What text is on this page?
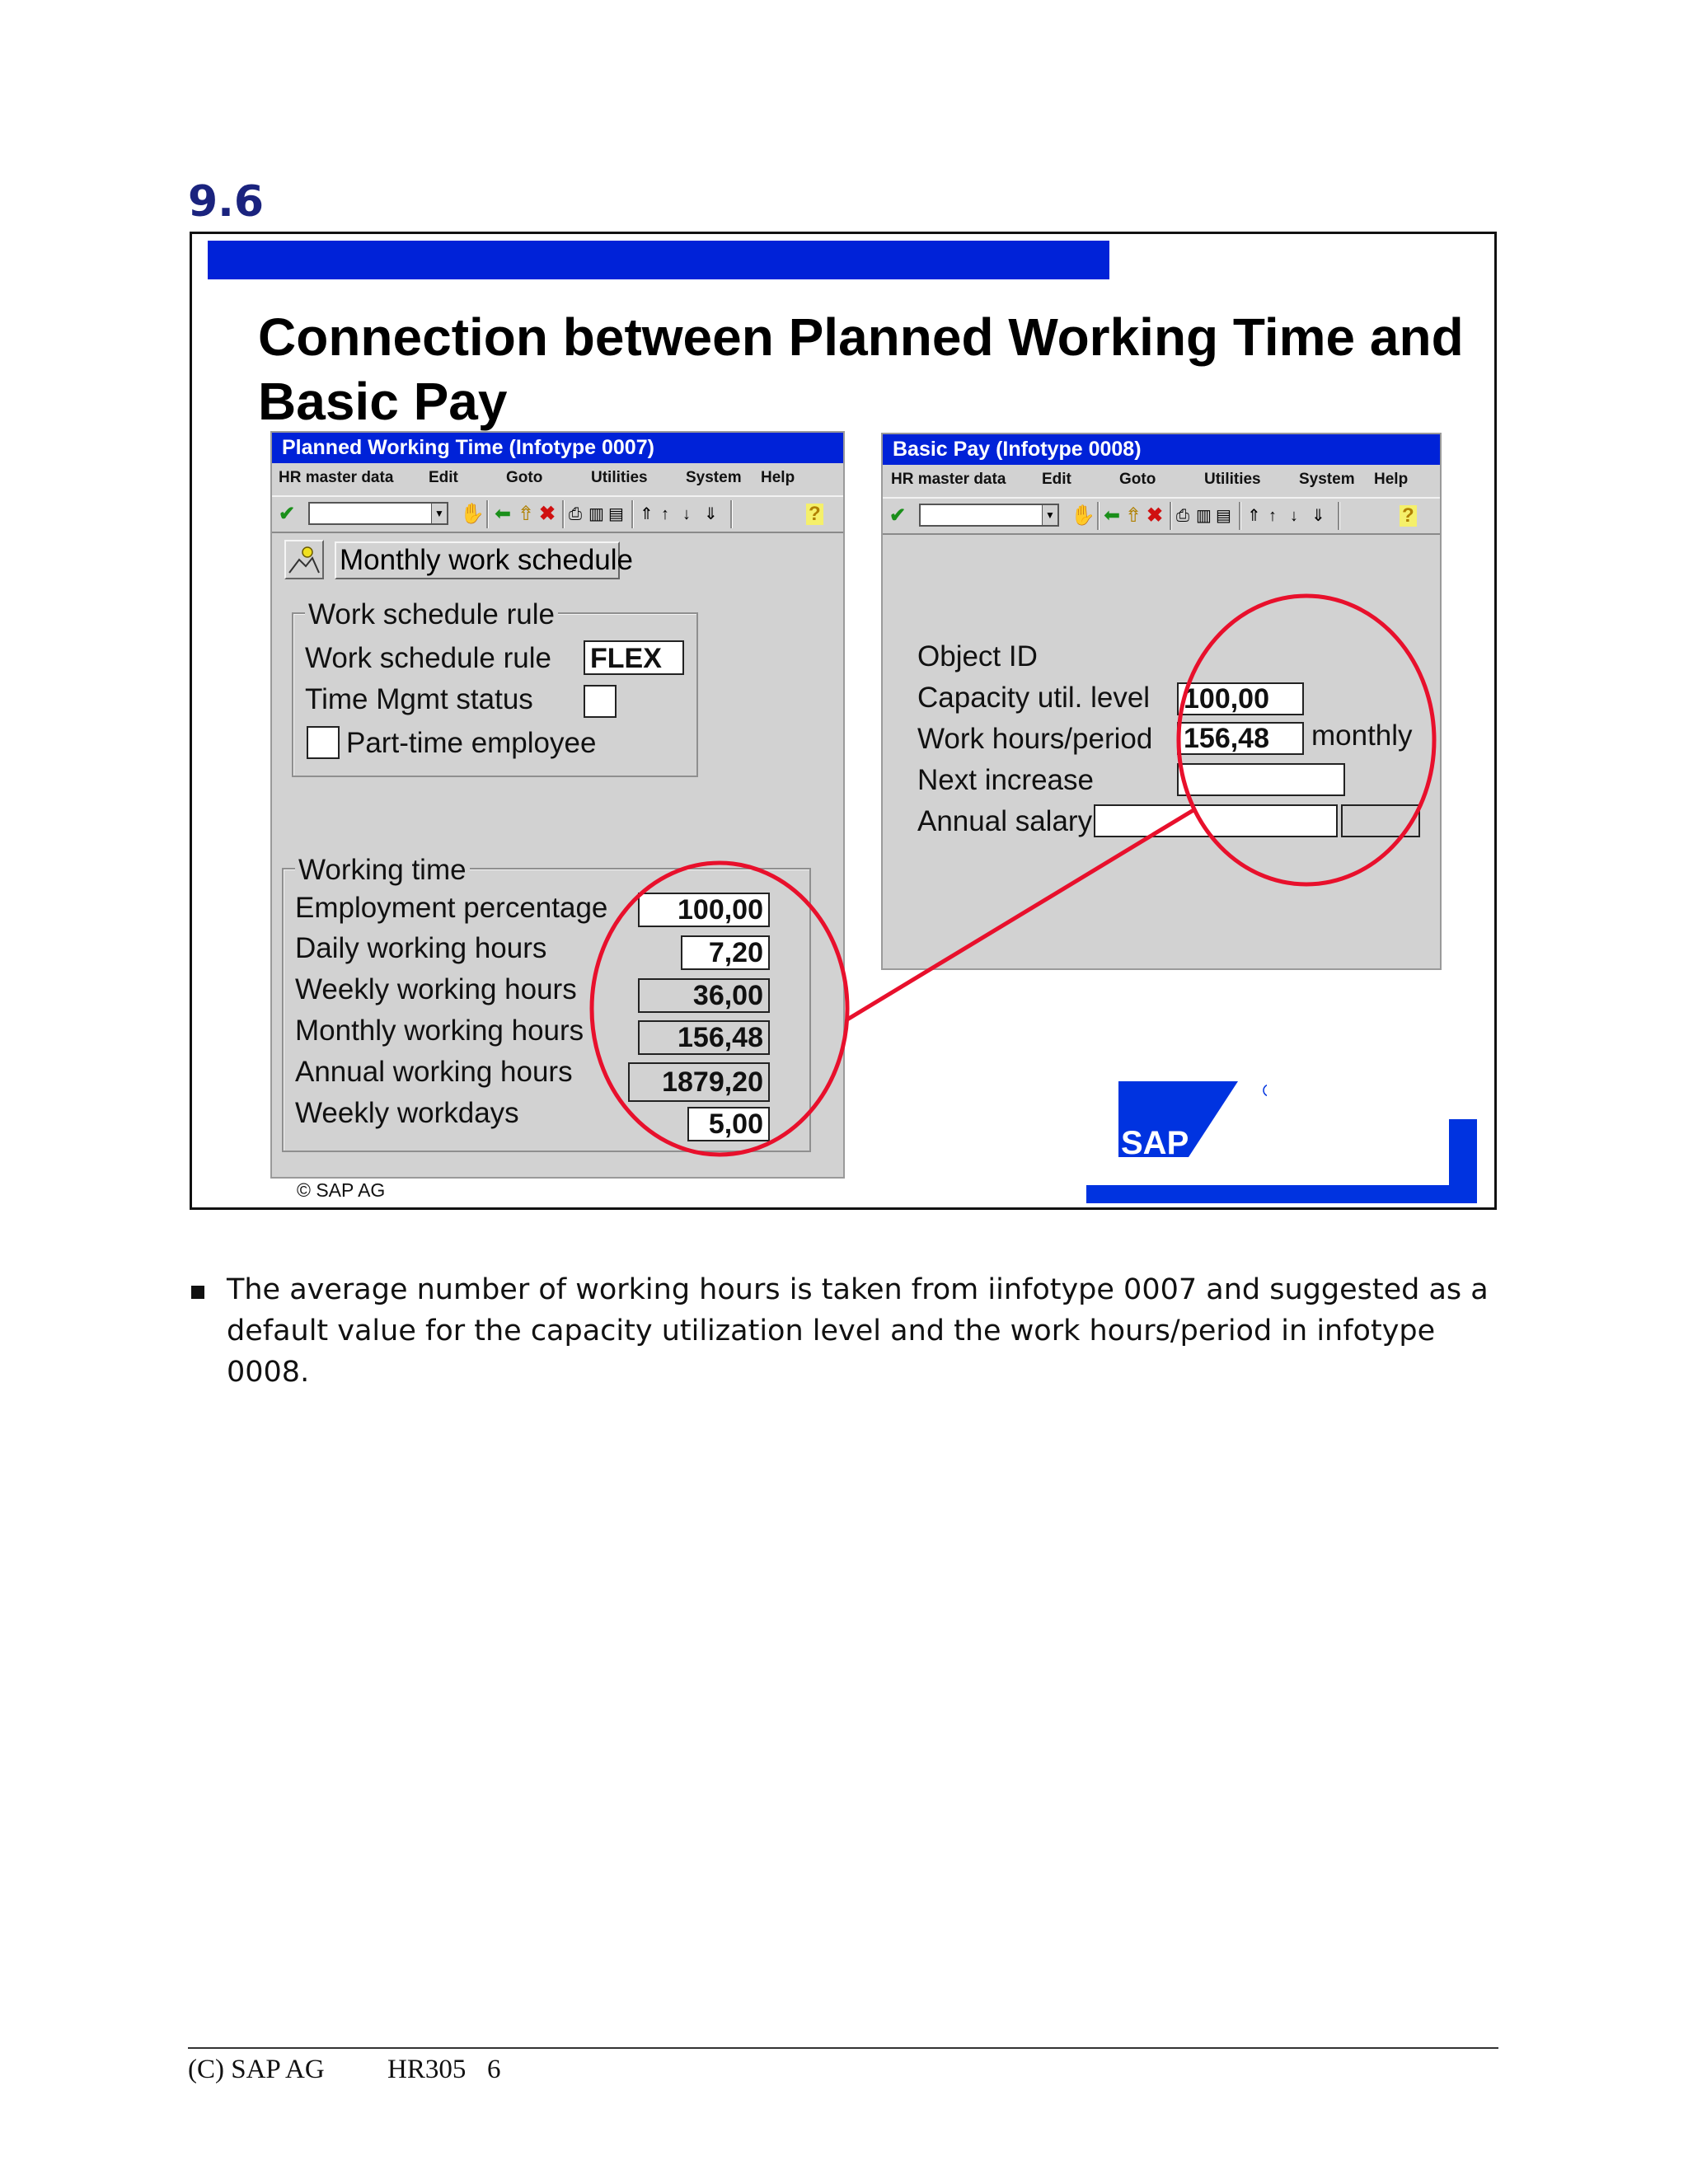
9.6
Connection between Planned Working Time and Basic Pay
Planned Working Time (Infotype 0007)
HR master data Edit	Goto	Utilities System Help
✔	▼ ✋ ⬅ ⇮ ✖ ⎙ ▥ ▤ ⇑ ↑ ↓ ⇓	?
Monthly work schedule
Work schedule rule
Work schedule rule FLEX
Time Mgmt status
Part-time employee
Working time
Employment percentage	100,00
Daily working hours	7,20
Weekly working hours	36,00
Monthly working hours	156,48
Annual working hours	1879,20
Weekly workdays	5,00
Basic Pay (Infotype 0008)
HR master data Edit	Goto	Utilities System Help
✔	▼ ✋ ⬅ ⇮ ✖ ⎙ ▥ ▤ ⇑ ↑ ↓ ⇓	?
Object ID
Capacity util. level 100,00
Work hours/period 156,48	monthly
Next increase
Annual salary
SAP
© SAP AG
The average number of working hours is taken from iinfotype 0007 and suggested as a default value for the capacity utilization level and the work hours/period in infotype 0008.
(C) SAP AG HR305 6
